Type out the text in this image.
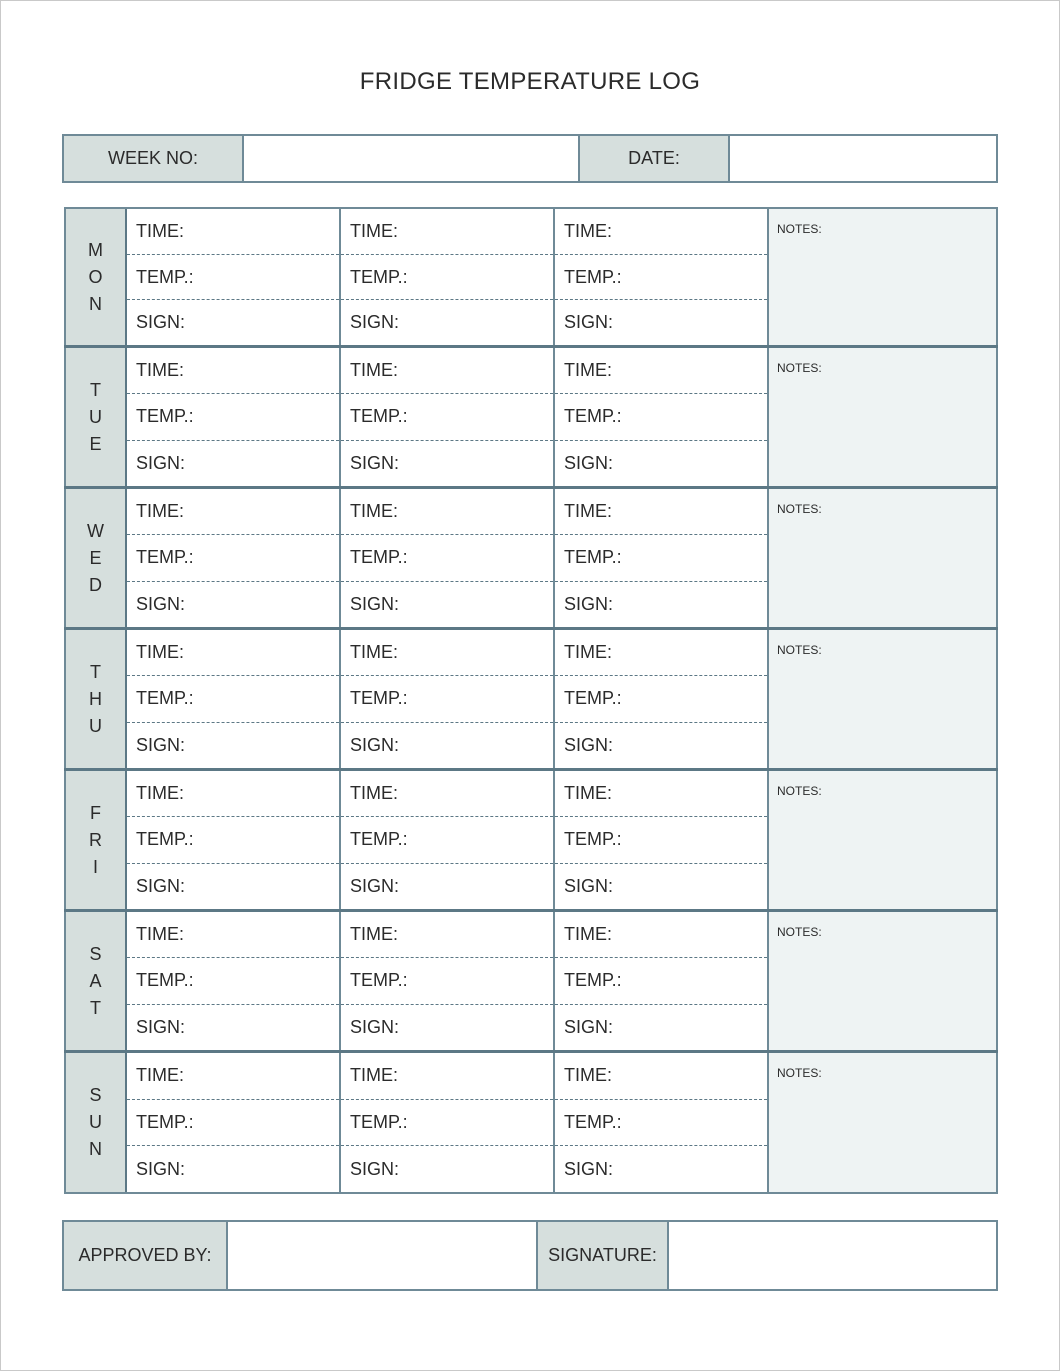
FRIDGE TEMPERATURE LOG
WEEK NO:	DATE:
M
O
N
TIME:
TEMP.:
SIGN:
TIME:
TEMP.:
SIGN:
TIME:
TEMP.:
SIGN:
NOTES:
T
U
E
TIME:
TEMP.:
SIGN:
TIME:
TEMP.:
SIGN:
TIME:
TEMP.:
SIGN:
NOTES:
W
E
D
TIME:
TEMP.:
SIGN:
TIME:
TEMP.:
SIGN:
TIME:
TEMP.:
SIGN:
NOTES:
T
H
U
TIME:
TEMP.:
SIGN:
TIME:
TEMP.:
SIGN:
TIME:
TEMP.:
SIGN:
NOTES:
F
R
I
TIME:
TEMP.:
SIGN:
TIME:
TEMP.:
SIGN:
TIME:
TEMP.:
SIGN:
NOTES:
S
A
T
TIME:
TEMP.:
SIGN:
TIME:
TEMP.:
SIGN:
TIME:
TEMP.:
SIGN:
NOTES:
S
U
N
TIME:
TEMP.:
SIGN:
TIME:
TEMP.:
SIGN:
TIME:
TEMP.:
SIGN:
NOTES:
APPROVED BY:	SIGNATURE:
